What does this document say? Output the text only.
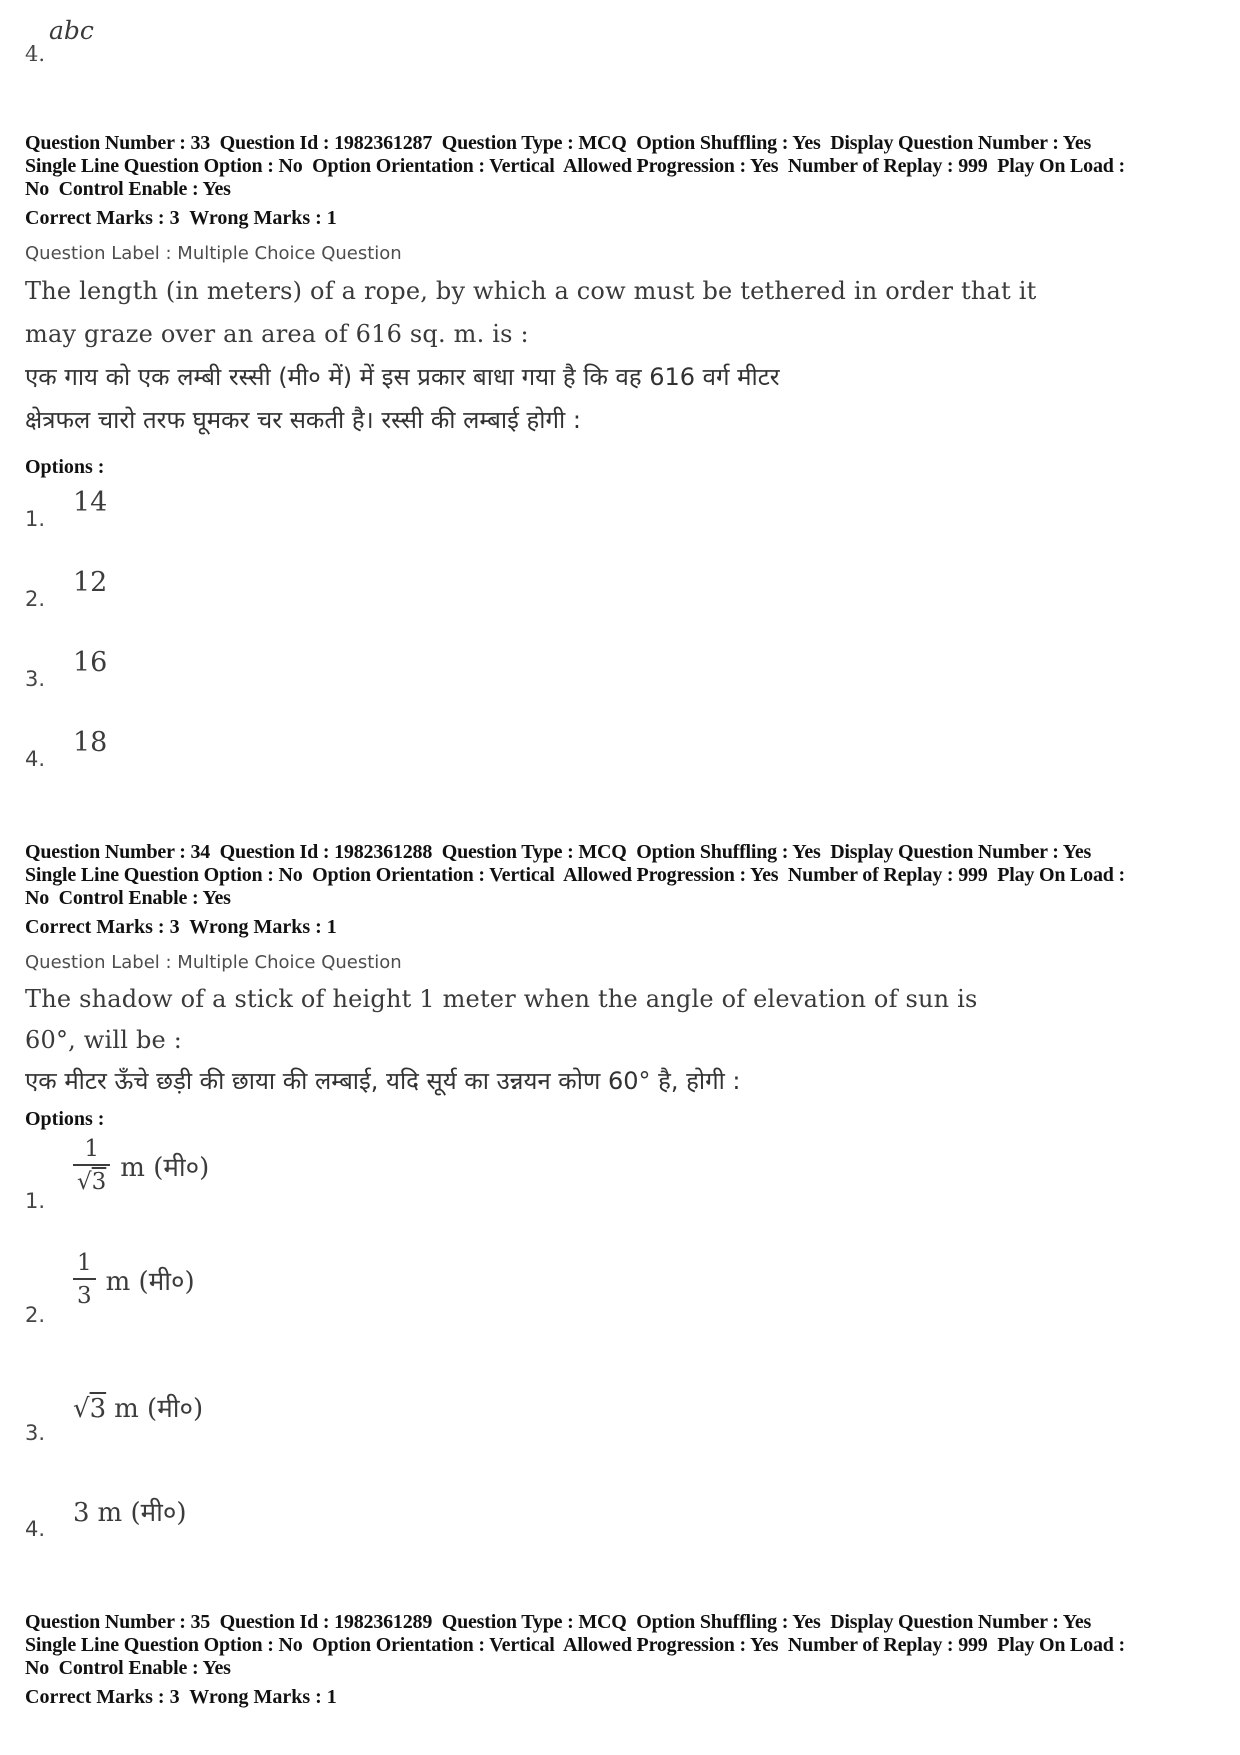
abc
4.
Question Number : 33  Question Id : 1982361287  Question Type : MCQ  Option Shuffling : Yes  Display Question Number : Yes
Single Line Question Option : No  Option Orientation : Vertical  Allowed Progression : Yes  Number of Replay : 999  Play On Load :
No  Control Enable : Yes
Correct Marks : 3  Wrong Marks : 1
Question Label : Multiple Choice Question
The length (in meters) of a rope, by which a cow must be tethered in order that it
may graze over an area of 616 sq. m. is :
एक गाय को एक लम्बी रस्सी (मी० में) में इस प्रकार बाधा गया है कि वह 616 वर्ग मीटर
क्षेत्रफल चारो तरफ घूमकर चर सकती है। रस्सी की लम्बाई होगी :
Options :
14
1.
12
2.
16
3.
18
4.
Question Number : 34  Question Id : 1982361288  Question Type : MCQ  Option Shuffling : Yes  Display Question Number : Yes
Single Line Question Option : No  Option Orientation : Vertical  Allowed Progression : Yes  Number of Replay : 999  Play On Load :
No  Control Enable : Yes
Correct Marks : 3  Wrong Marks : 1
Question Label : Multiple Choice Question
The shadow of a stick of height 1 meter when the angle of elevation of sun is
60°, will be :
एक मीटर ऊँचे छड़ी की छाया की लम्बाई, यदि सूर्य का उन्नयन कोण 60° है, होगी :
Options :
$\frac{1}{√3}$ m (मी०)
1.
$\frac{1}{3}$ m (मी०)
2.
√3 m (मी०)
3.
3 m (मी०)
4.
Question Number : 35  Question Id : 1982361289  Question Type : MCQ  Option Shuffling : Yes  Display Question Number : Yes
Single Line Question Option : No  Option Orientation : Vertical  Allowed Progression : Yes  Number of Replay : 999  Play On Load :
No  Control Enable : Yes
Correct Marks : 3  Wrong Marks : 1
